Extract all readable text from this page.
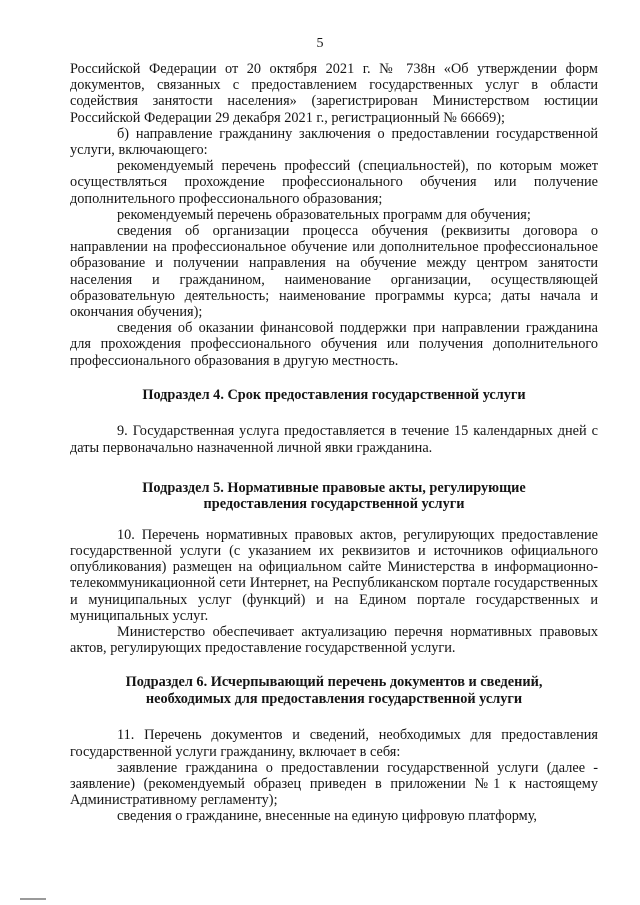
5

Российской Федерации от 20 октября 2021 г. № 738н «Об утверждении форм документов, связанных с предоставлением государственных услуг в области содействия занятости населения» (зарегистрирован Министерством юстиции Российской Федерации 29 декабря 2021 г., регистрационный № 66669);

б) направление гражданину заключения о предоставлении государственной услуги, включающего:

рекомендуемый перечень профессий (специальностей), по которым может осуществляться прохождение профессионального обучения или получение дополнительного профессионального образования;

рекомендуемый перечень образовательных программ для обучения;

сведения об организации процесса обучения (реквизиты договора о направлении на профессиональное обучение или дополнительное профессиональное образование и получении направления на обучение между центром занятости населения и гражданином, наименование организации, осуществляющей образовательную деятельность; наименование программы курса; даты начала и окончания обучения);

сведения об оказании финансовой поддержки при направлении гражданина для прохождения профессионального обучения или получения дополнительного профессионального образования в другую местность.

Подраздел 4. Срок предоставления государственной услуги

9. Государственная услуга предоставляется в течение 15 календарных дней с даты первоначально назначенной личной явки гражданина.

Подраздел 5. Нормативные правовые акты, регулирующие
предоставления государственной услуги

10. Перечень нормативных правовых актов, регулирующих предоставление государственной услуги (с указанием их реквизитов и источников официального опубликования) размещен на официальном сайте Министерства в информационно-телекоммуникационной сети Интернет, на Республиканском портале государственных и муниципальных услуг (функций) и на Едином портале государственных и муниципальных услуг.

Министерство обеспечивает актуализацию перечня нормативных правовых актов, регулирующих предоставление государственной услуги.

Подраздел 6. Исчерпывающий перечень документов и сведений,
необходимых для предоставления государственной услуги

11. Перечень документов и сведений, необходимых для предоставления государственной услуги гражданину, включает в себя:

заявление гражданина о предоставлении государственной услуги (далее - заявление) (рекомендуемый образец приведен в приложении №1 к настоящему Административному регламенту);

сведения о гражданине, внесенные на единую цифровую платформу,
